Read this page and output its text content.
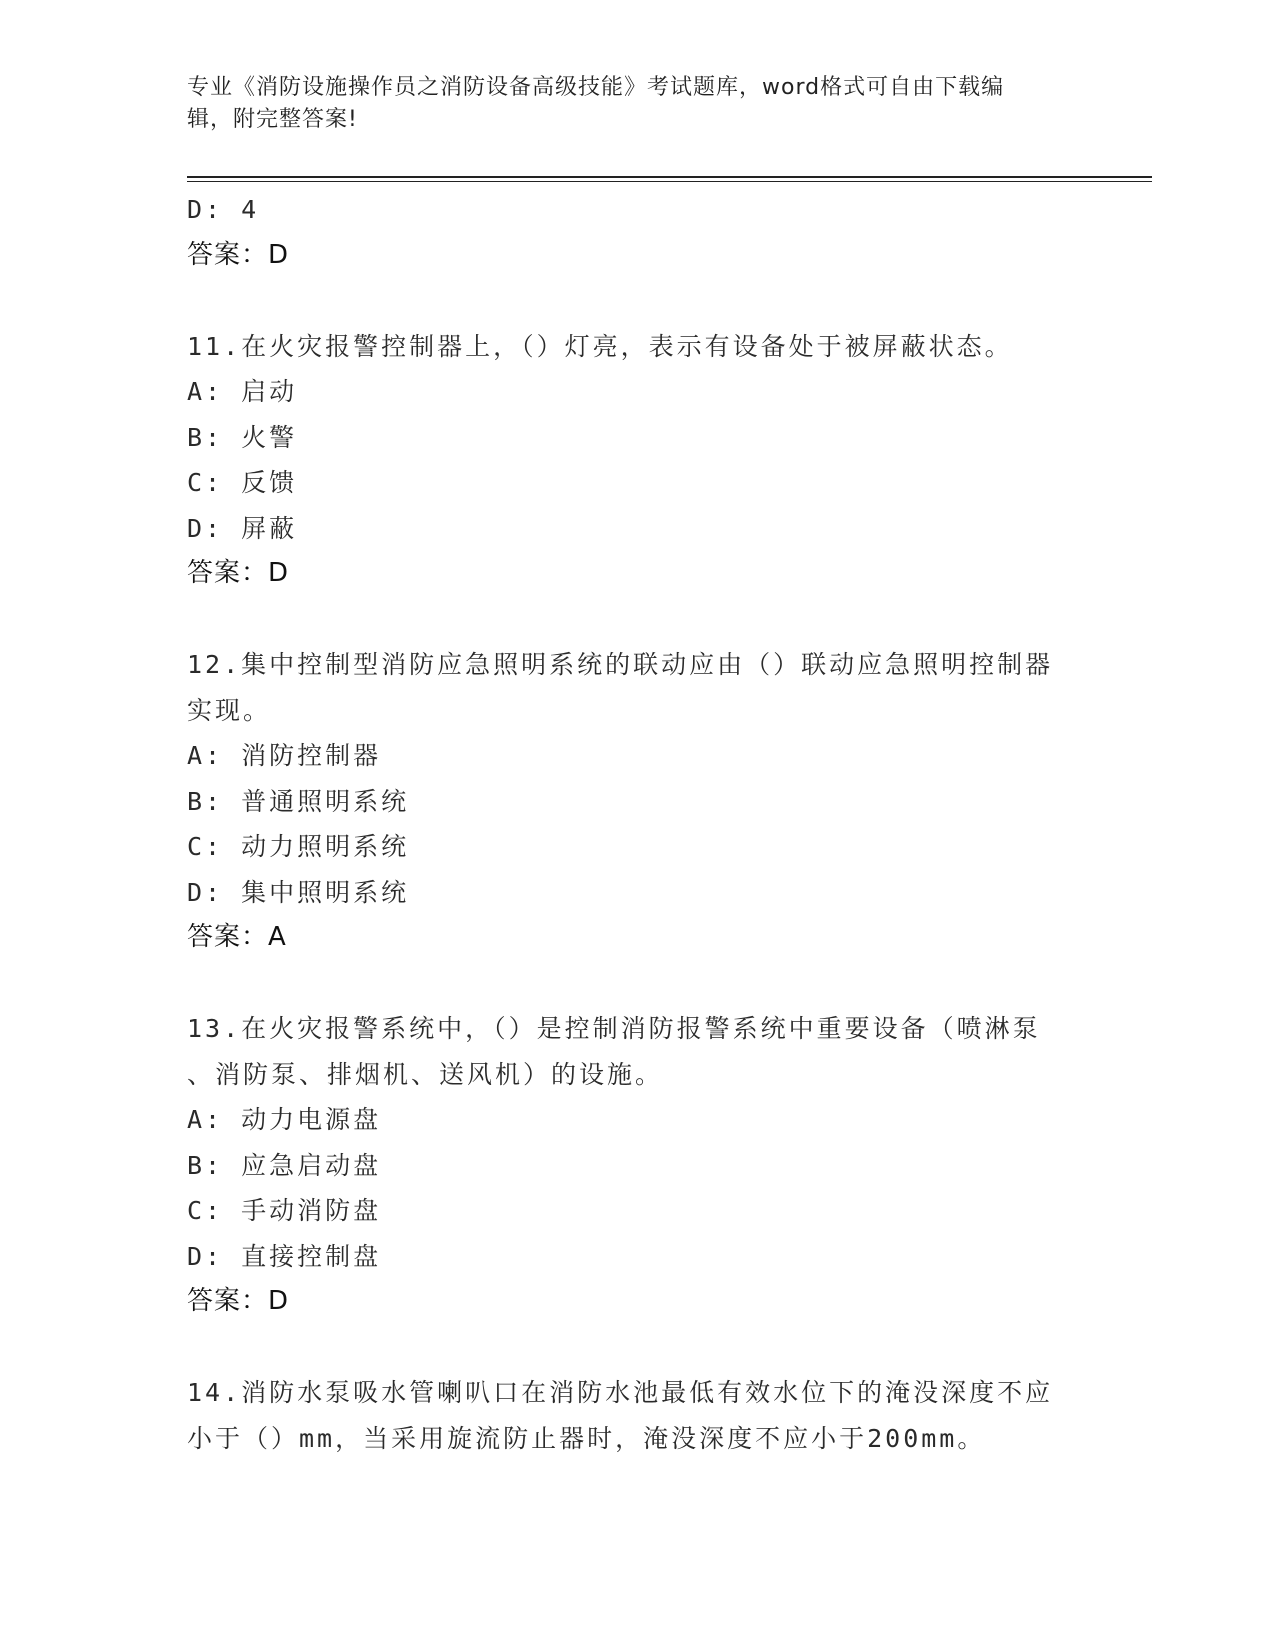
专业《消防设施操作员之消防设备高级技能》考试题库，word格式可自由下载编
辑，附完整答案!
D: 4
答案：D
11.在火灾报警控制器上，（）灯亮，表示有设备处于被屏蔽状态。
A: 启动
B: 火警
C: 反馈
D: 屏蔽
答案：D
12.集中控制型消防应急照明系统的联动应由（）联动应急照明控制器
实现。
A: 消防控制器
B: 普通照明系统
C: 动力照明系统
D: 集中照明系统
答案：A
13.在火灾报警系统中，（）是控制消防报警系统中重要设备（喷淋泵
、消防泵、排烟机、送风机）的设施。
A: 动力电源盘
B: 应急启动盘
C: 手动消防盘
D: 直接控制盘
答案：D
14.消防水泵吸水管喇叭口在消防水池最低有效水位下的淹没深度不应
小于（）mm，当采用旋流防止器时，淹没深度不应小于200mm。
